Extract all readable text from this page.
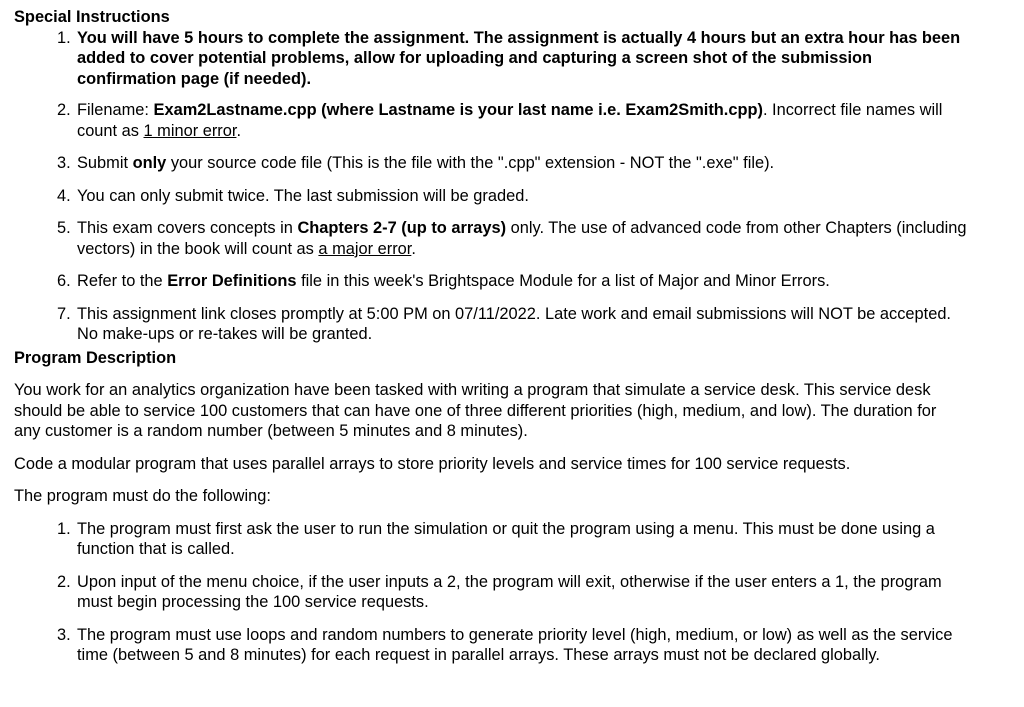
Special Instructions
1. You will have 5 hours to complete the assignment. The assignment is actually 4 hours but an extra hour has been added to cover potential problems, allow for uploading and capturing a screen shot of the submission confirmation page (if needed).
2. Filename: Exam2Lastname.cpp (where Lastname is your last name i.e. Exam2Smith.cpp). Incorrect file names will count as 1 minor error.
3. Submit only your source code file (This is the file with the ".cpp" extension - NOT the ".exe" file).
4. You can only submit twice. The last submission will be graded.
5. This exam covers concepts in Chapters 2-7 (up to arrays) only. The use of advanced code from other Chapters (including vectors) in the book will count as a major error.
6. Refer to the Error Definitions file in this week's Brightspace Module for a list of Major and Minor Errors.
7. This assignment link closes promptly at 5:00 PM on 07/11/2022. Late work and email submissions will NOT be accepted. No make-ups or re-takes will be granted.
Program Description

You work for an analytics organization have been tasked with writing a program that simulate a service desk. This service desk should be able to service 100 customers that can have one of three different priorities (high, medium, and low). The duration for any customer is a random number (between 5 minutes and 8 minutes).

Code a modular program that uses parallel arrays to store priority levels and service times for 100 service requests.

The program must do the following:

1. The program must first ask the user to run the simulation or quit the program using a menu. This must be done using a function that is called.
2. Upon input of the menu choice, if the user inputs a 2, the program will exit, otherwise if the user enters a 1, the program must begin processing the 100 service requests.
3. The program must use loops and random numbers to generate priority level (high, medium, or low) as well as the service time (between 5 and 8 minutes) for each request in parallel arrays. These arrays must not be declared globally.
